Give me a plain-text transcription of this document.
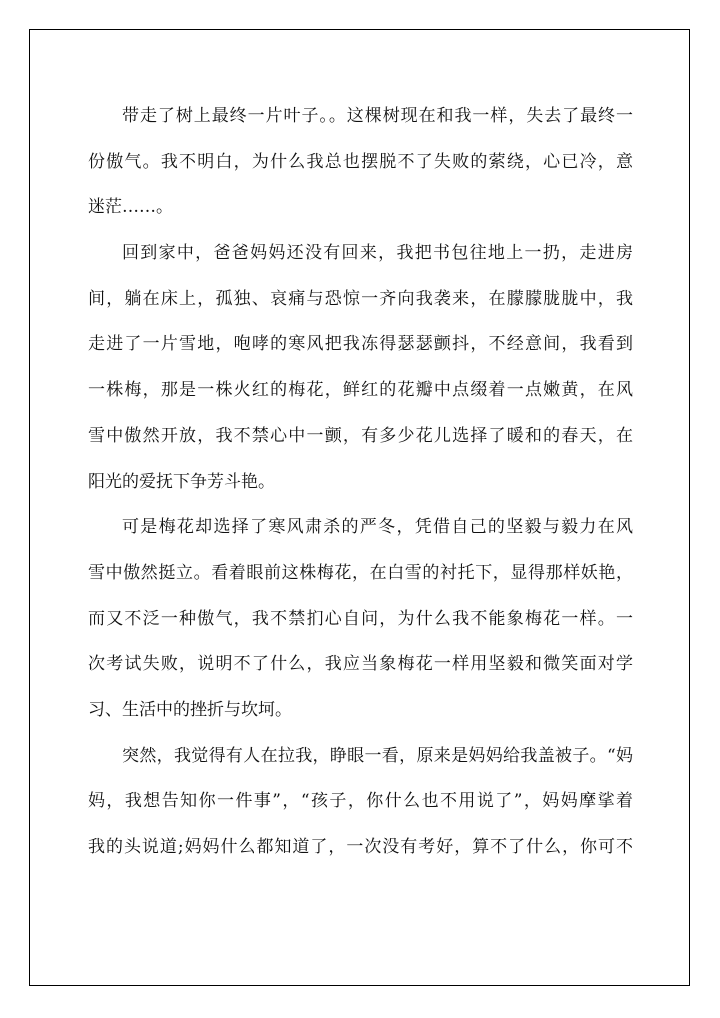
带走了树上最终一片叶子。。这棵树现在和我一样，失去了最终一
份傲气。我不明白，为什么我总也摆脱不了失败的萦绕，心已冷，意
迷茫……。
回到家中，爸爸妈妈还没有回来，我把书包往地上一扔，走进房
间，躺在床上，孤独、哀痛与恐惊一齐向我袭来，在朦朦胧胧中，我
走进了一片雪地，咆哮的寒风把我冻得瑟瑟颤抖，不经意间，我看到
一株梅，那是一株火红的梅花，鲜红的花瓣中点缀着一点嫩黄，在风
雪中傲然开放，我不禁心中一颤，有多少花儿选择了暖和的春天，在
阳光的爱抚下争芳斗艳。
可是梅花却选择了寒风肃杀的严冬，凭借自己的坚毅与毅力在风
雪中傲然挺立。看着眼前这株梅花，在白雪的衬托下，显得那样妖艳，
而又不泛一种傲气，我不禁扪心自问，为什么我不能象梅花一样。一
次考试失败，说明不了什么，我应当象梅花一样用坚毅和微笑面对学
习、生活中的挫折与坎坷。
突然，我觉得有人在拉我，睁眼一看，原来是妈妈给我盖被子。“妈
妈，我想告知你一件事”，“孩子，你什么也不用说了”，妈妈摩挲着
我的头说道;妈妈什么都知道了，一次没有考好，算不了什么，你可不
